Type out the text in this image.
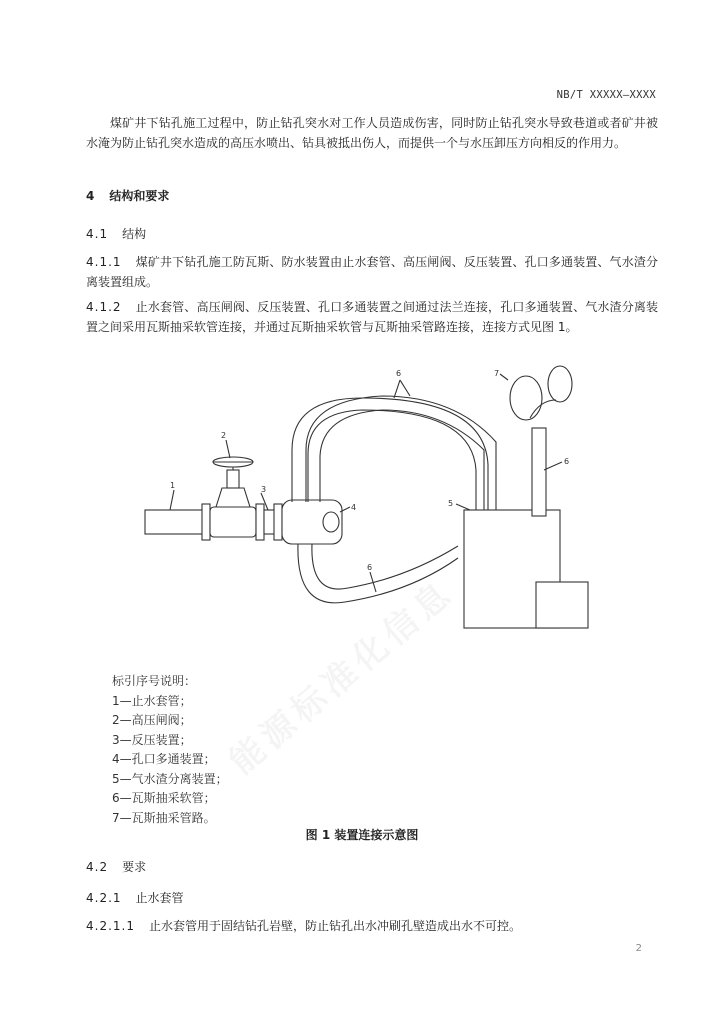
NB/T XXXXX—XXXX
煤矿井下钻孔施工过程中，防止钻孔突水对工作人员造成伤害，同时防止钻孔突水导致巷道或者矿井被水淹为防止钻孔突水造成的高压水喷出、钻具被抵出伤人，而提供一个与水压卸压方向相反的作用力。
4 结构和要求
4.1 结构
4.1.1 煤矿井下钻孔施工防瓦斯、防水装置由止水套管、高压闸阀、反压装置、孔口多通装置、气水渣分离装置组成。
4.1.2 止水套管、高压闸阀、反压装置、孔口多通装置之间通过法兰连接，孔口多通装置、气水渣分离装置之间采用瓦斯抽采软管连接，并通过瓦斯抽采软管与瓦斯抽采管路连接，连接方式见图 1。
1
2
3
4
6
6
5
6
7
标引序号说明：
1—止水套管；
2—高压闸阀；
3—反压装置；
4—孔口多通装置；
5—气水渣分离装置；
6—瓦斯抽采软管；
7—瓦斯抽采管路。
图 1 装置连接示意图
4.2 要求
4.2.1 止水套管
4.2.1.1 止水套管用于固结钻孔岩壁，防止钻孔出水冲刷孔壁造成出水不可控。
2
